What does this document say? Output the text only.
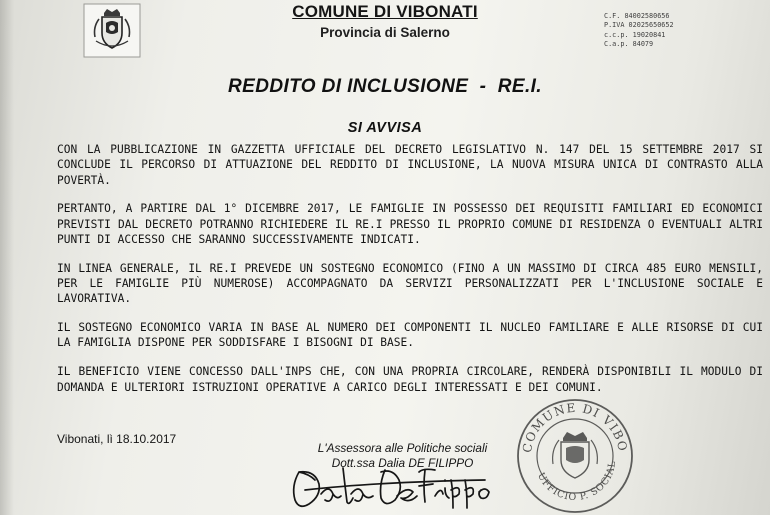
COMUNE DI VIBONATI
Provincia di Salerno
C.F. 84002580656
P.IVA 02025650652
c.c.p. 19020841
C.a.p. 84079
REDDITO DI INCLUSIONE  -  RE.I.
SI AVVISA

CON LA PUBBLICAZIONE IN GAZZETTA UFFICIALE DEL DECRETO LEGISLATIVO N. 147 DEL 15 SETTEMBRE 2017 SI CONCLUDE IL PERCORSO DI ATTUAZIONE DEL REDDITO DI INCLUSIONE, LA NUOVA MISURA UNICA DI CONTRASTO ALLA POVERTÀ.

PERTANTO, A PARTIRE DAL 1° DICEMBRE 2017, LE FAMIGLIE IN POSSESSO DEI REQUISITI FAMILIARI ED ECONOMICI PREVISTI DAL DECRETO POTRANNO RICHIEDERE IL RE.I PRESSO IL PROPRIO COMUNE DI RESIDENZA O EVENTUALI ALTRI PUNTI DI ACCESSO CHE SARANNO SUCCESSIVAMENTE INDICATI.

IN LINEA GENERALE, IL RE.I PREVEDE UN SOSTEGNO ECONOMICO (FINO A UN MASSIMO DI CIRCA 485 EURO MENSILI, PER LE FAMIGLIE PIÙ NUMEROSE) ACCOMPAGNATO DA SERVIZI PERSONALIZZATI PER L'INCLUSIONE SOCIALE E LAVORATIVA.

IL SOSTEGNO ECONOMICO VARIA IN BASE AL NUMERO DEI COMPONENTI IL NUCLEO FAMILIARE E ALLE RISORSE DI CUI LA FAMIGLIA DISPONE PER SODDISFARE I BISOGNI DI BASE.

IL BENEFICIO VIENE CONCESSO DALL'INPS CHE, CON UNA PROPRIA CIRCOLARE, RENDERÀ DISPONIBILI IL MODULO DI DOMANDA E ULTERIORI ISTRUZIONI OPERATIVE A CARICO DEGLI INTERESSATI E DEI COMUNI.

Vibonati, lì 18.10.2017
L'Assessora alle Politiche sociali
Dott.ssa Dalia DE FILIPPO
COMUNE DI VIBO
UFFICIO P. SOCIAL
